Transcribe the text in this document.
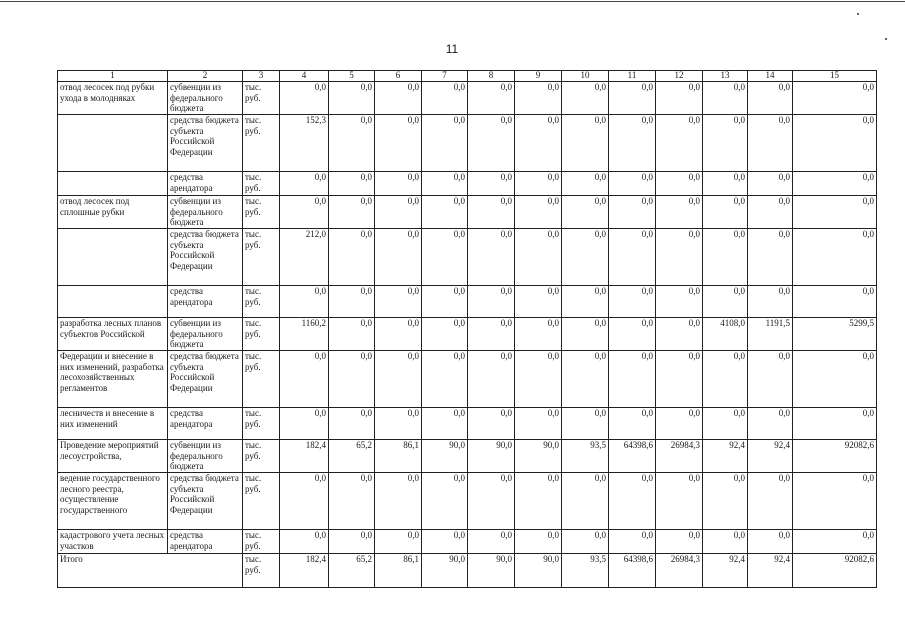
11
1	2	3	4	5	6	7	8	9	10	11	12	13	14	15
отвод лесосек под рубки ухода в молодняках	субвенции из федерального бюджета	тыс. руб.	0,0	0,0	0,0	0,0	0,0	0,0	0,0	0,0	0,0	0,0	0,0	0,0
	средства бюджета субъекта Российской Федерации	тыс. руб.	152,3	0,0	0,0	0,0	0,0	0,0	0,0	0,0	0,0	0,0	0,0	0,0
	средства арендатора	тыс. руб.	0,0	0,0	0,0	0,0	0,0	0,0	0,0	0,0	0,0	0,0	0,0	0,0
отвод лесосек под сплошные рубки	субвенции из федерального бюджета	тыс. руб.	0,0	0,0	0,0	0,0	0,0	0,0	0,0	0,0	0,0	0,0	0,0	0,0
	средства бюджета субъекта Российской Федерации	тыс. руб.	212,0	0,0	0,0	0,0	0,0	0,0	0,0	0,0	0,0	0,0	0,0	0,0
	средства арендатора	тыс. руб.	0,0	0,0	0,0	0,0	0,0	0,0	0,0	0,0	0,0	0,0	0,0	0,0
разработка лесных планов субъектов Российской	субвенции из федерального бюджета	тыс. руб.	1160,2	0,0	0,0	0,0	0,0	0,0	0,0	0,0	0,0	4108,0	1191,5	5299,5
Федерации и внесение в них изменений, разработка лесохозяйственных регламентов	средства бюджета субъекта Российской Федерации	тыс. руб.	0,0	0,0	0,0	0,0	0,0	0,0	0,0	0,0	0,0	0,0	0,0	0,0
лесничеств и внесение в них изменений	средства арендатора	тыс. руб.	0,0	0,0	0,0	0,0	0,0	0,0	0,0	0,0	0,0	0,0	0,0	0,0
Проведение мероприятий лесоустройства,	субвенции из федерального бюджета	тыс. руб.	182,4	65,2	86,1	90,0	90,0	90,0	93,5	64398,6	26984,3	92,4	92,4	92082,6
ведение государственного лесного реестра, осуществление государственного	средства бюджета субъекта Российской Федерации	тыс. руб.	0,0	0,0	0,0	0,0	0,0	0,0	0,0	0,0	0,0	0,0	0,0	0,0
кадастрового учета лесных участков	средства арендатора	тыс. руб.	0,0	0,0	0,0	0,0	0,0	0,0	0,0	0,0	0,0	0,0	0,0	0,0
Итого		тыс. руб.	182,4	65,2	86,1	90,0	90,0	90,0	93,5	64398,6	26984,3	92,4	92,4	92082,6
